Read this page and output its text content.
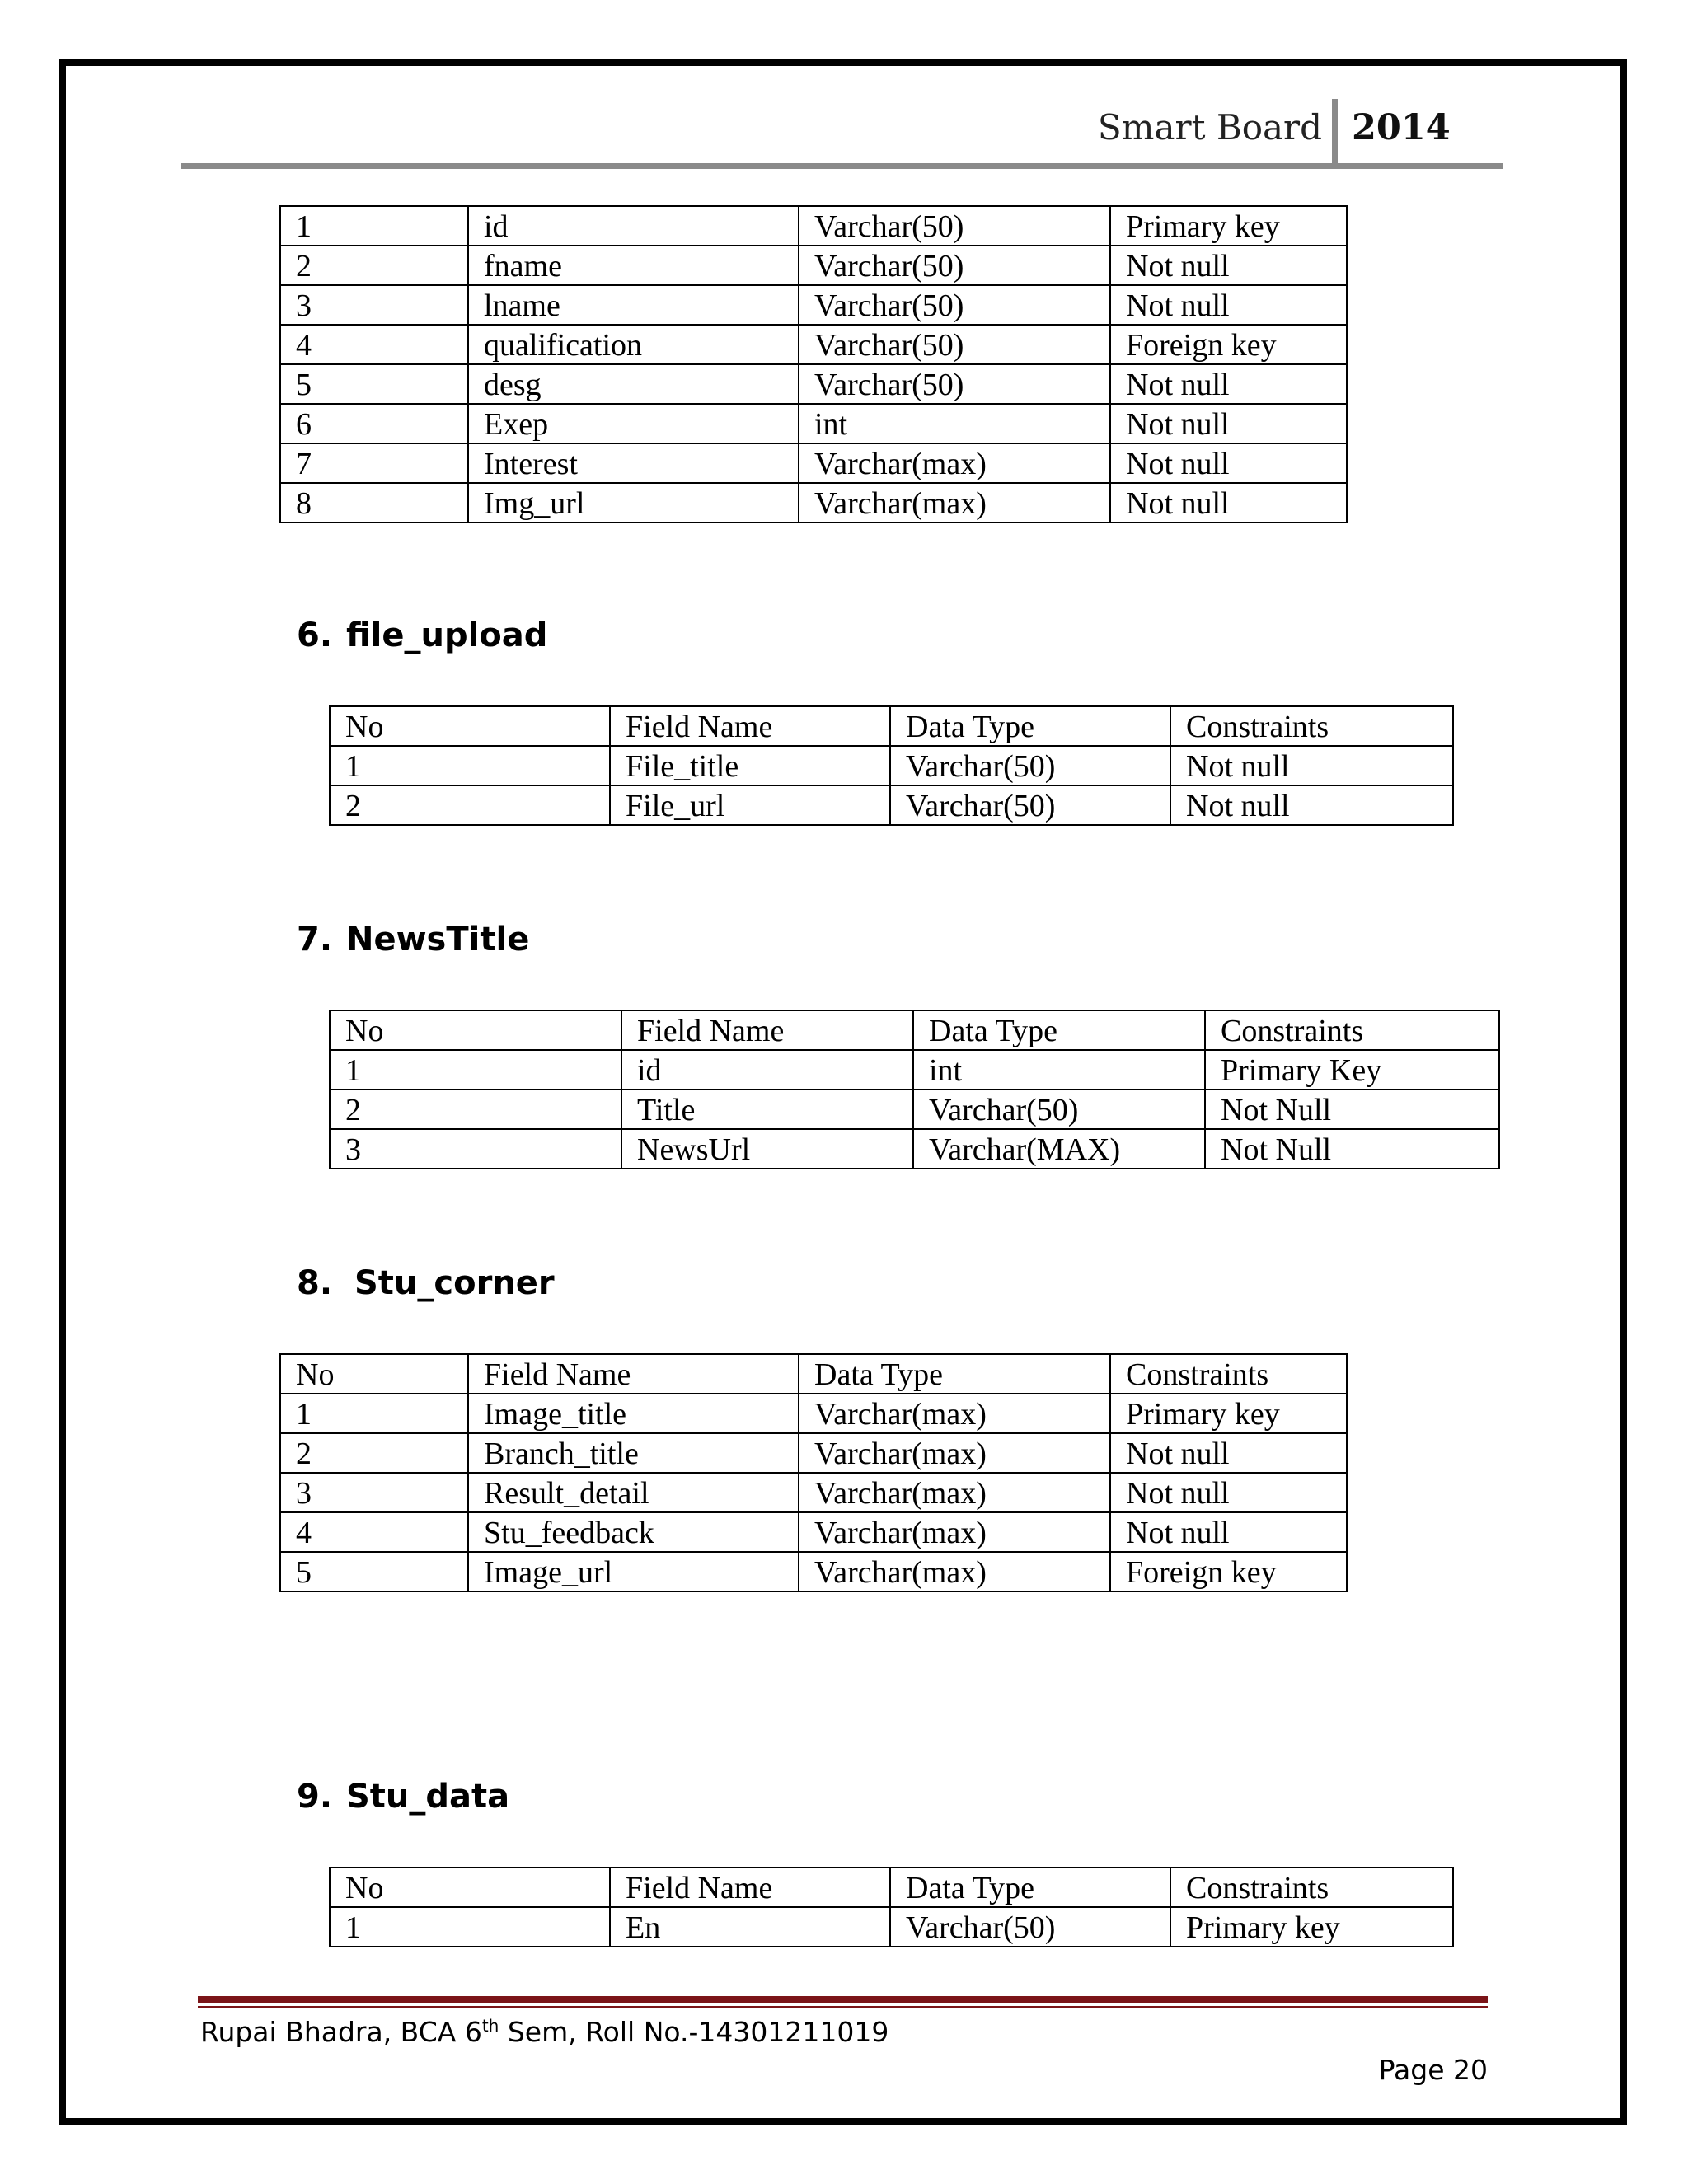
Smart Board 2014
1	id	Varchar(50)	Primary key
2	fname	Varchar(50)	Not null
3	lname	Varchar(50)	Not null
4	qualification	Varchar(50)	Foreign key
5	desg	Varchar(50)	Not null
6	Exep	int	Not null
7	Interest	Varchar(max)	Not null
8	Img_url	Varchar(max)	Not null
6. file_upload
No	Field Name	Data Type	Constraints
1	File_title	Varchar(50)	Not null
2	File_url	Varchar(50)	Not null
7. NewsTitle
No	Field Name	Data Type	Constraints
1	id	int	Primary Key
2	Title	Varchar(50)	Not Null
3	NewsUrl	Varchar(MAX)	Not Null
8. Stu_corner
No	Field Name	Data Type	Constraints
1	Image_title	Varchar(max)	Primary key
2	Branch_title	Varchar(max)	Not null
3	Result_detail	Varchar(max)	Not null
4	Stu_feedback	Varchar(max)	Not null
5	Image_url	Varchar(max)	Foreign key
9. Stu_data
No	Field Name	Data Type	Constraints
1	En	Varchar(50)	Primary key
Rupai Bhadra, BCA 6th Sem, Roll No.-14301211019
Page 20
